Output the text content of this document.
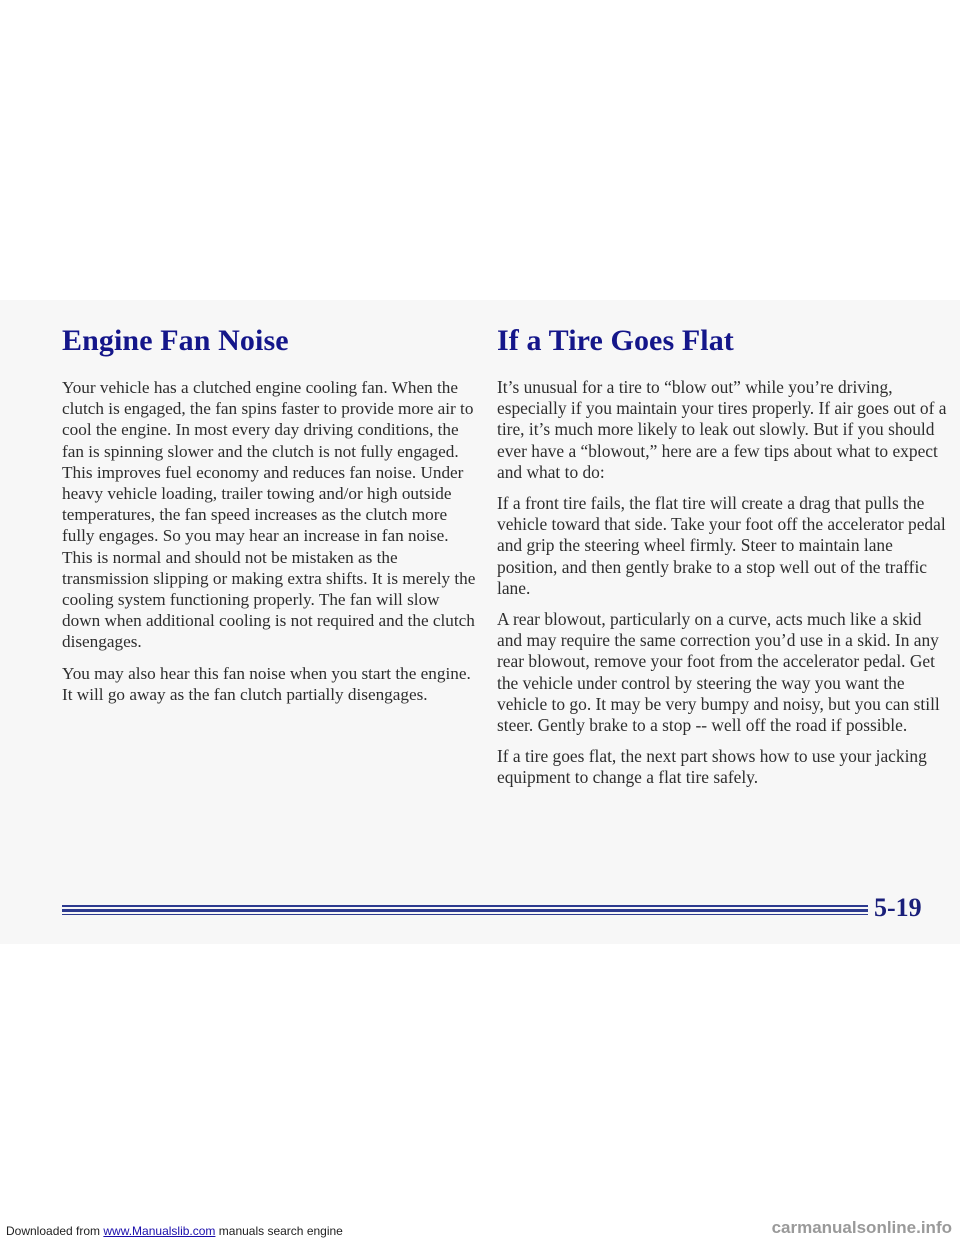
Engine Fan Noise

Your vehicle has a clutched engine cooling fan. When the clutch is engaged, the fan spins faster to provide more air to cool the engine. In most every day driving conditions, the fan is spinning slower and the clutch is not fully engaged. This improves fuel economy and reduces fan noise. Under heavy vehicle loading, trailer towing and/or high outside temperatures, the fan speed increases as the clutch more fully engages. So you may hear an increase in fan noise. This is normal and should not be mistaken as the transmission slipping or making extra shifts. It is merely the cooling system functioning properly. The fan will slow down when additional cooling is not required and the clutch disengages.

You may also hear this fan noise when you start the engine. It will go away as the fan clutch partially disengages.

If a Tire Goes Flat

It’s unusual for a tire to “blow out” while you’re driving, especially if you maintain your tires properly. If air goes out of a tire, it’s much more likely to leak out slowly. But if you should ever have a “blowout,” here are a few tips about what to expect and what to do:

If a front tire fails, the flat tire will create a drag that pulls the vehicle toward that side. Take your foot off the accelerator pedal and grip the steering wheel firmly. Steer to maintain lane position, and then gently brake to a stop well out of the traffic lane.

A rear blowout, particularly on a curve, acts much like a skid and may require the same correction you’d use in a skid. In any rear blowout, remove your foot from the accelerator pedal. Get the vehicle under control by steering the way you want the vehicle to go. It may be very bumpy and noisy, but you can still steer. Gently brake to a stop -- well off the road if possible.

If a tire goes flat, the next part shows how to use your jacking equipment to change a flat tire safely.

5-19
Downloaded from www.Manualslib.com manuals search engine	carmanualsonline.info
